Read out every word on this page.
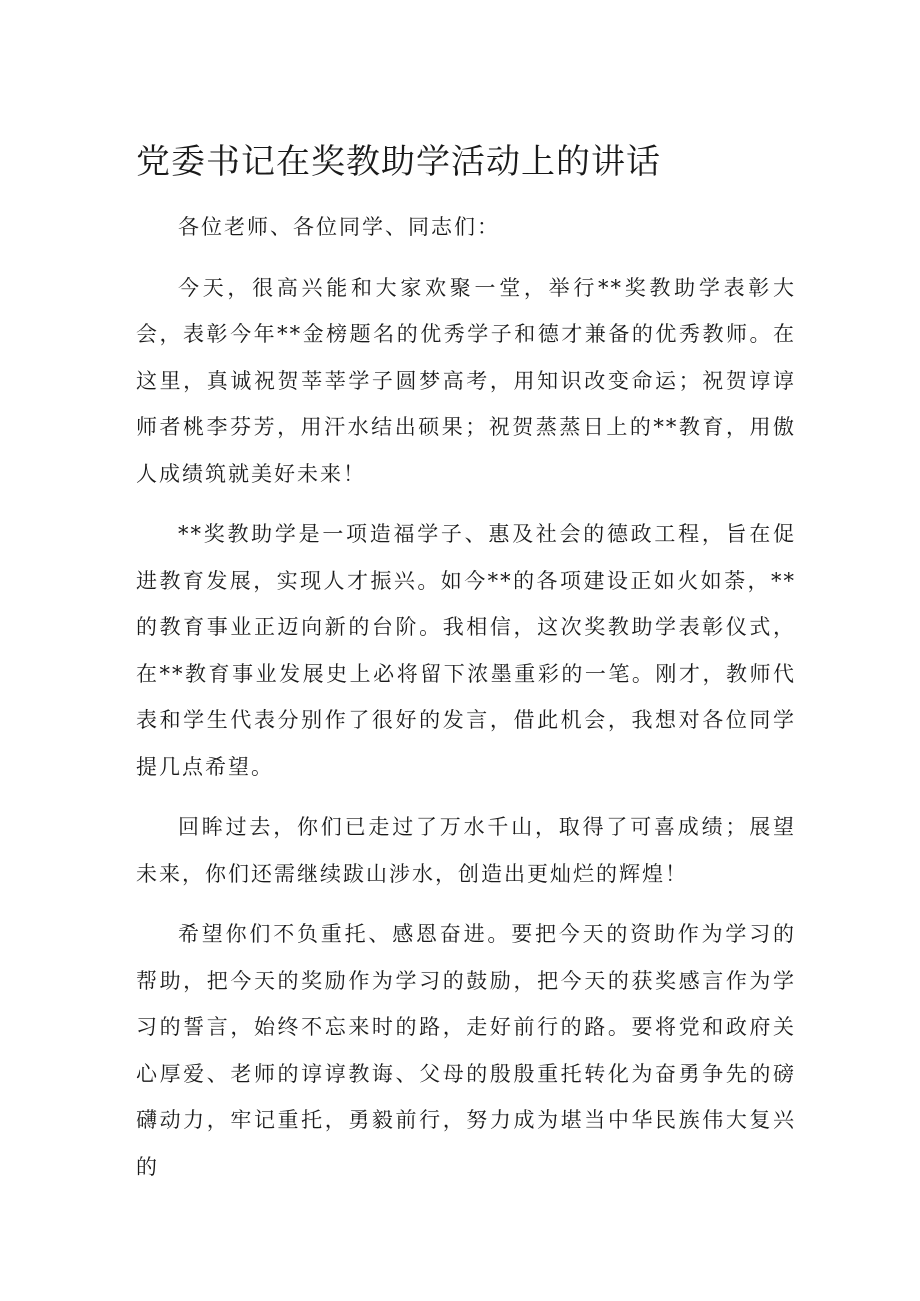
党委书记在奖教助学活动上的讲话

各位老师、各位同学、同志们：

今天，很高兴能和大家欢聚一堂，举行**奖教助学表彰大会，表彰今年**金榜题名的优秀学子和德才兼备的优秀教师。在这里，真诚祝贺莘莘学子圆梦高考，用知识改变命运；祝贺谆谆师者桃李芬芳，用汗水结出硕果；祝贺蒸蒸日上的**教育，用傲人成绩筑就美好未来！

**奖教助学是一项造福学子、惠及社会的德政工程，旨在促进教育发展，实现人才振兴。如今**的各项建设正如火如荼，**的教育事业正迈向新的台阶。我相信，这次奖教助学表彰仪式，在**教育事业发展史上必将留下浓墨重彩的一笔。刚才，教师代表和学生代表分别作了很好的发言，借此机会，我想对各位同学提几点希望。

回眸过去，你们已走过了万水千山，取得了可喜成绩；展望未来，你们还需继续跋山涉水，创造出更灿烂的辉煌！

希望你们不负重托、感恩奋进。要把今天的资助作为学习的帮助，把今天的奖励作为学习的鼓励，把今天的获奖感言作为学习的誓言，始终不忘来时的路，走好前行的路。要将党和政府关心厚爱、老师的谆谆教诲、父母的殷殷重托转化为奋勇争先的磅礴动力，牢记重托，勇毅前行，努力成为堪当中华民族伟大复兴的
